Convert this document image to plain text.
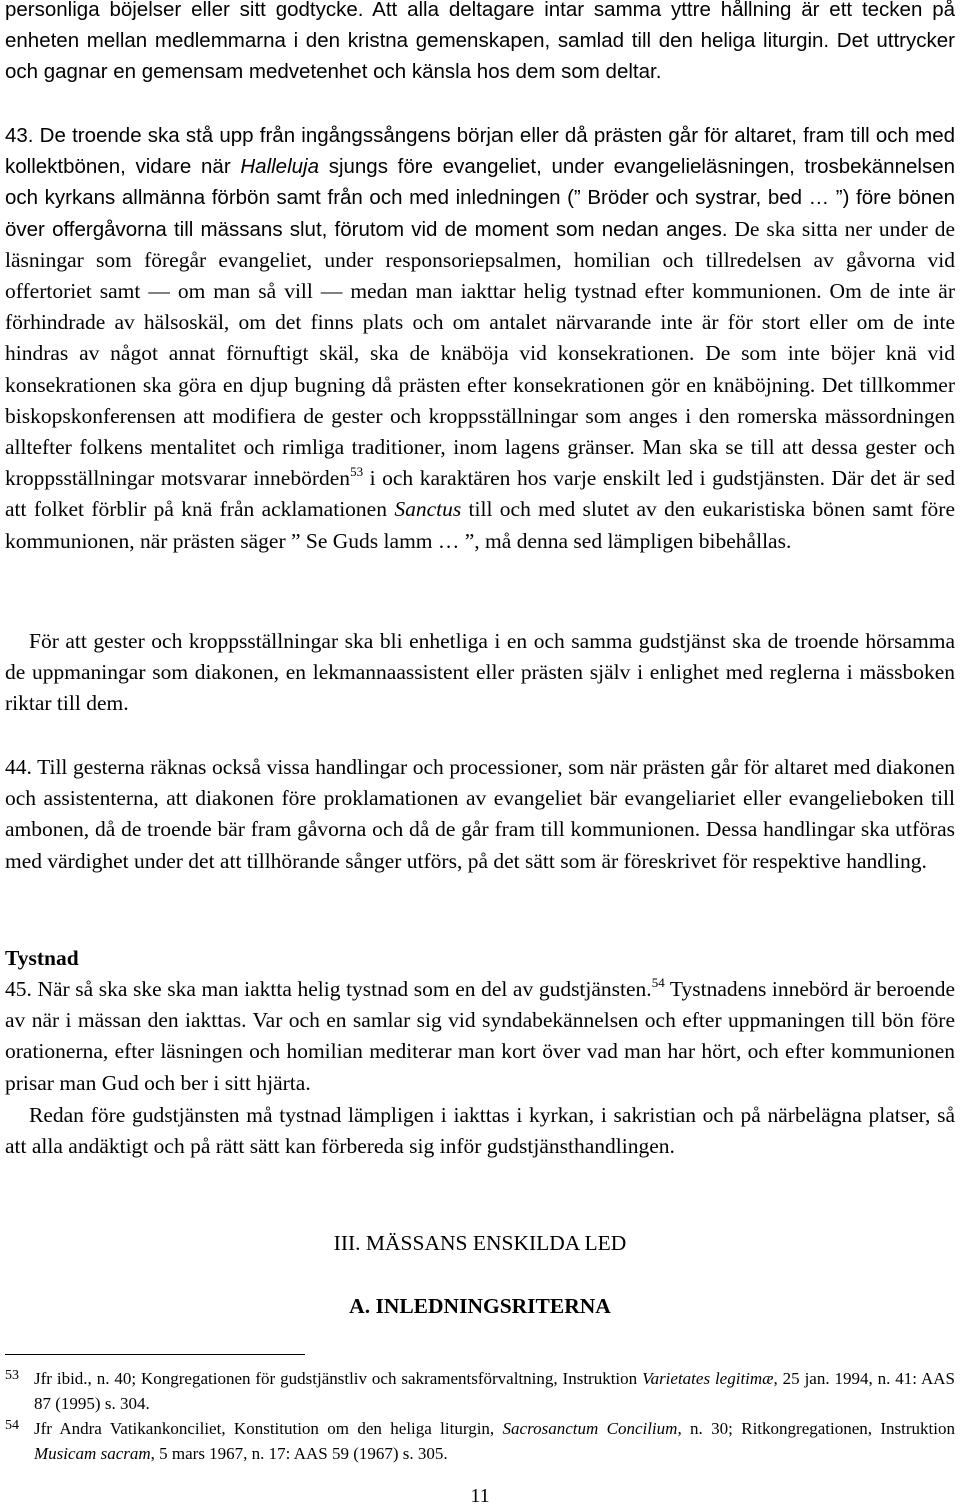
personliga böjelser eller sitt godtycke. Att alla deltagare intar samma yttre hållning är ett tecken på enheten mellan medlemmarna i den kristna gemenskapen, samlad till den heliga liturgin. Det uttrycker och gagnar en gemensam medvetenhet och känsla hos dem som deltar.

43. De troende ska stå upp från ingångssångens början eller då prästen går för altaret, fram till och med kollektbönen, vidare när Halleluja sjungs före evangeliet, under evangelieläsningen, trosbekännelsen och kyrkans allmänna förbön samt från och med inledningen (” Bröder och systrar, bed … ”) före bönen över offergåvorna till mässans slut, förutom vid de moment som nedan anges. De ska sitta ner under de läsningar som föregår evangeliet, under responsoriepsalmen, homilian och tillredelsen av gåvorna vid offertoriet samt — om man så vill — medan man iakttar helig tystnad efter kommunionen. Om de inte är förhindrade av hälsoskäl, om det finns plats och om antalet närvarande inte är för stort eller om de inte hindras av något annat förnuftigt skäl, ska de knäböja vid konsekrationen. De som inte böjer knä vid konsekrationen ska göra en djup bugning då prästen efter konsekrationen gör en knäböjning. Det tillkommer biskopskonferensen att modifiera de gester och kroppsställningar som anges i den romerska mässordningen alltefter folkens mentalitet och rimliga traditioner, inom lagens gränser. Man ska se till att dessa gester och kroppsställningar motsvarar innebörden$^{53}$ i och karaktären hos varje enskilt led i gudstjänsten. Där det är sed att folket förblir på knä från acklamationen Sanctus till och med slutet av den eukaristiska bönen samt före kommunionen, när prästen säger ” Se Guds lamm … ”, må denna sed lämpligen bibehållas.

För att gester och kroppsställningar ska bli enhetliga i en och samma gudstjänst ska de troende hörsamma de uppmaningar som diakonen, en lekmannaassistent eller prästen själv i enlighet med reglerna i mässboken riktar till dem.

44. Till gesterna räknas också vissa handlingar och processioner, som när prästen går för altaret med diakonen och assistenterna, att diakonen före proklamationen av evangeliet bär evangeliariet eller evangelieboken till ambonen, då de troende bär fram gåvorna och då de går fram till kommunionen. Dessa handlingar ska utföras med värdighet under det att tillhörande sånger utförs, på det sätt som är föreskrivet för respektive handling.

Tystnad

45. När så ska ske ska man iaktta helig tystnad som en del av gudstjänsten.$^{54}$ Tystnadens innebörd är beroende av när i mässan den iakttas. Var och en samlar sig vid syndabekännelsen och efter uppmaningen till bön före orationerna, efter läsningen och homilian mediterar man kort över vad man har hört, och efter kommunionen prisar man Gud och ber i sitt hjärta.

Redan före gudstjänsten må tystnad lämpligen i iakttas i kyrkan, i sakristian och på närbelägna platser, så att alla andäktigt och på rätt sätt kan förbereda sig inför gudstjänsthandlingen.

III. MÄSSANS ENSKILDA LED
A. INLEDNINGSRITERNA
53 Jfr ibid., n. 40; Kongregationen för gudstjänstliv och sakramentsförvaltning, Instruktion Varietates legitimæ, 25 jan. 1994, n. 41: AAS 87 (1995) s. 304.
54 Jfr Andra Vatikankonciliet, Konstitution om den heliga liturgin, Sacrosanctum Concilium, n. 30; Ritkongregationen, Instruktion Musicam sacram, 5 mars 1967, n. 17: AAS 59 (1967) s. 305.
11
